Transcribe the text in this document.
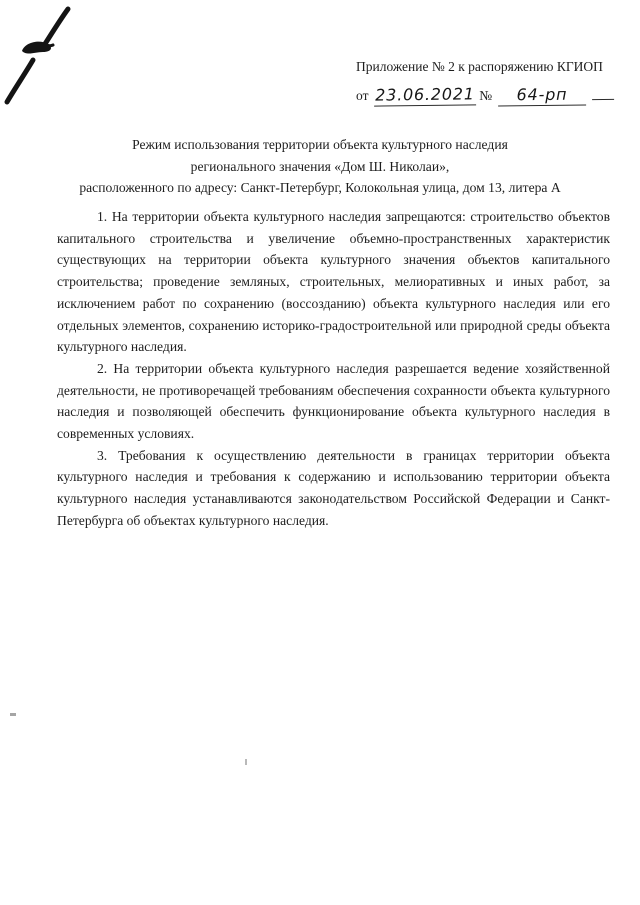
Приложение № 2 к распоряжению КГИОП
от 23.06.2021 № 64-рп
Режим использования территории объекта культурного наследия
регионального значения «Дом Ш. Николаи»,
расположенного по адресу: Санкт-Петербург, Колокольная улица, дом 13, литера А

1. На территории объекта культурного наследия запрещаются: строительство объектов капитального строительства и увеличение объемно-пространственных характеристик существующих на территории объекта культурного значения объектов капитального строительства; проведение земляных, строительных, мелиоративных и иных работ, за исключением работ по сохранению (воссозданию) объекта культурного наследия или его отдельных элементов, сохранению историко-градостроительной или природной среды объекта культурного наследия.

2. На территории объекта культурного наследия разрешается ведение хозяйственной деятельности, не противоречащей требованиям обеспечения сохранности объекта культурного наследия и позволяющей обеспечить функционирование объекта культурного наследия в современных условиях.

3. Требования к осуществлению деятельности в границах территории объекта культурного наследия и требования к содержанию и использованию территории объекта культурного наследия устанавливаются законодательством Российской Федерации и Санкт-Петербурга об объектах культурного наследия.
